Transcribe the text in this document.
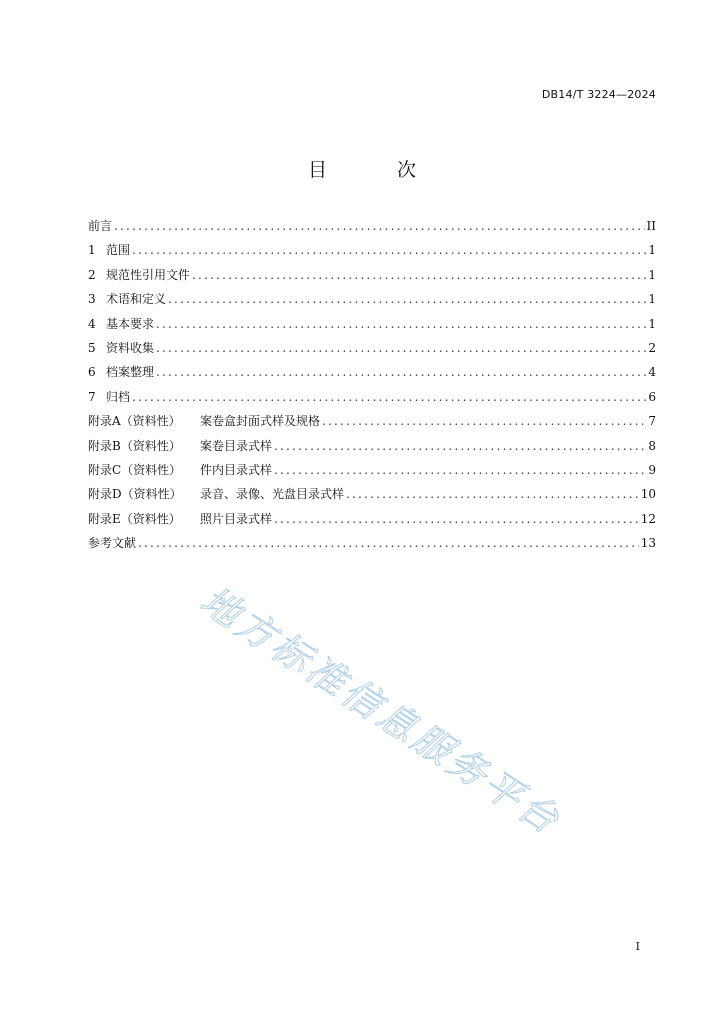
DB14/T 3224—2024
目 次
前言 .....	II
1 范围 .....	1
2 规范性引用文件 .....	1
3 术语和定义 .....	1
4 基本要求 .....	1
5 资料收集 .....	2
6 档案整理 .....	4
7 归档 .....	6
附录A（资料性）	案卷盒封面式样及规格 .....	7
附录B（资料性）	案卷目录式样 .....	8
附录C（资料性）	件内目录式样 .....	9
附录D（资料性）	录音、录像、光盘目录式样 .....	10
附录E（资料性）	照片目录式样 .....	12
参考文献 .....	13
地方标准信息服务平台
I
